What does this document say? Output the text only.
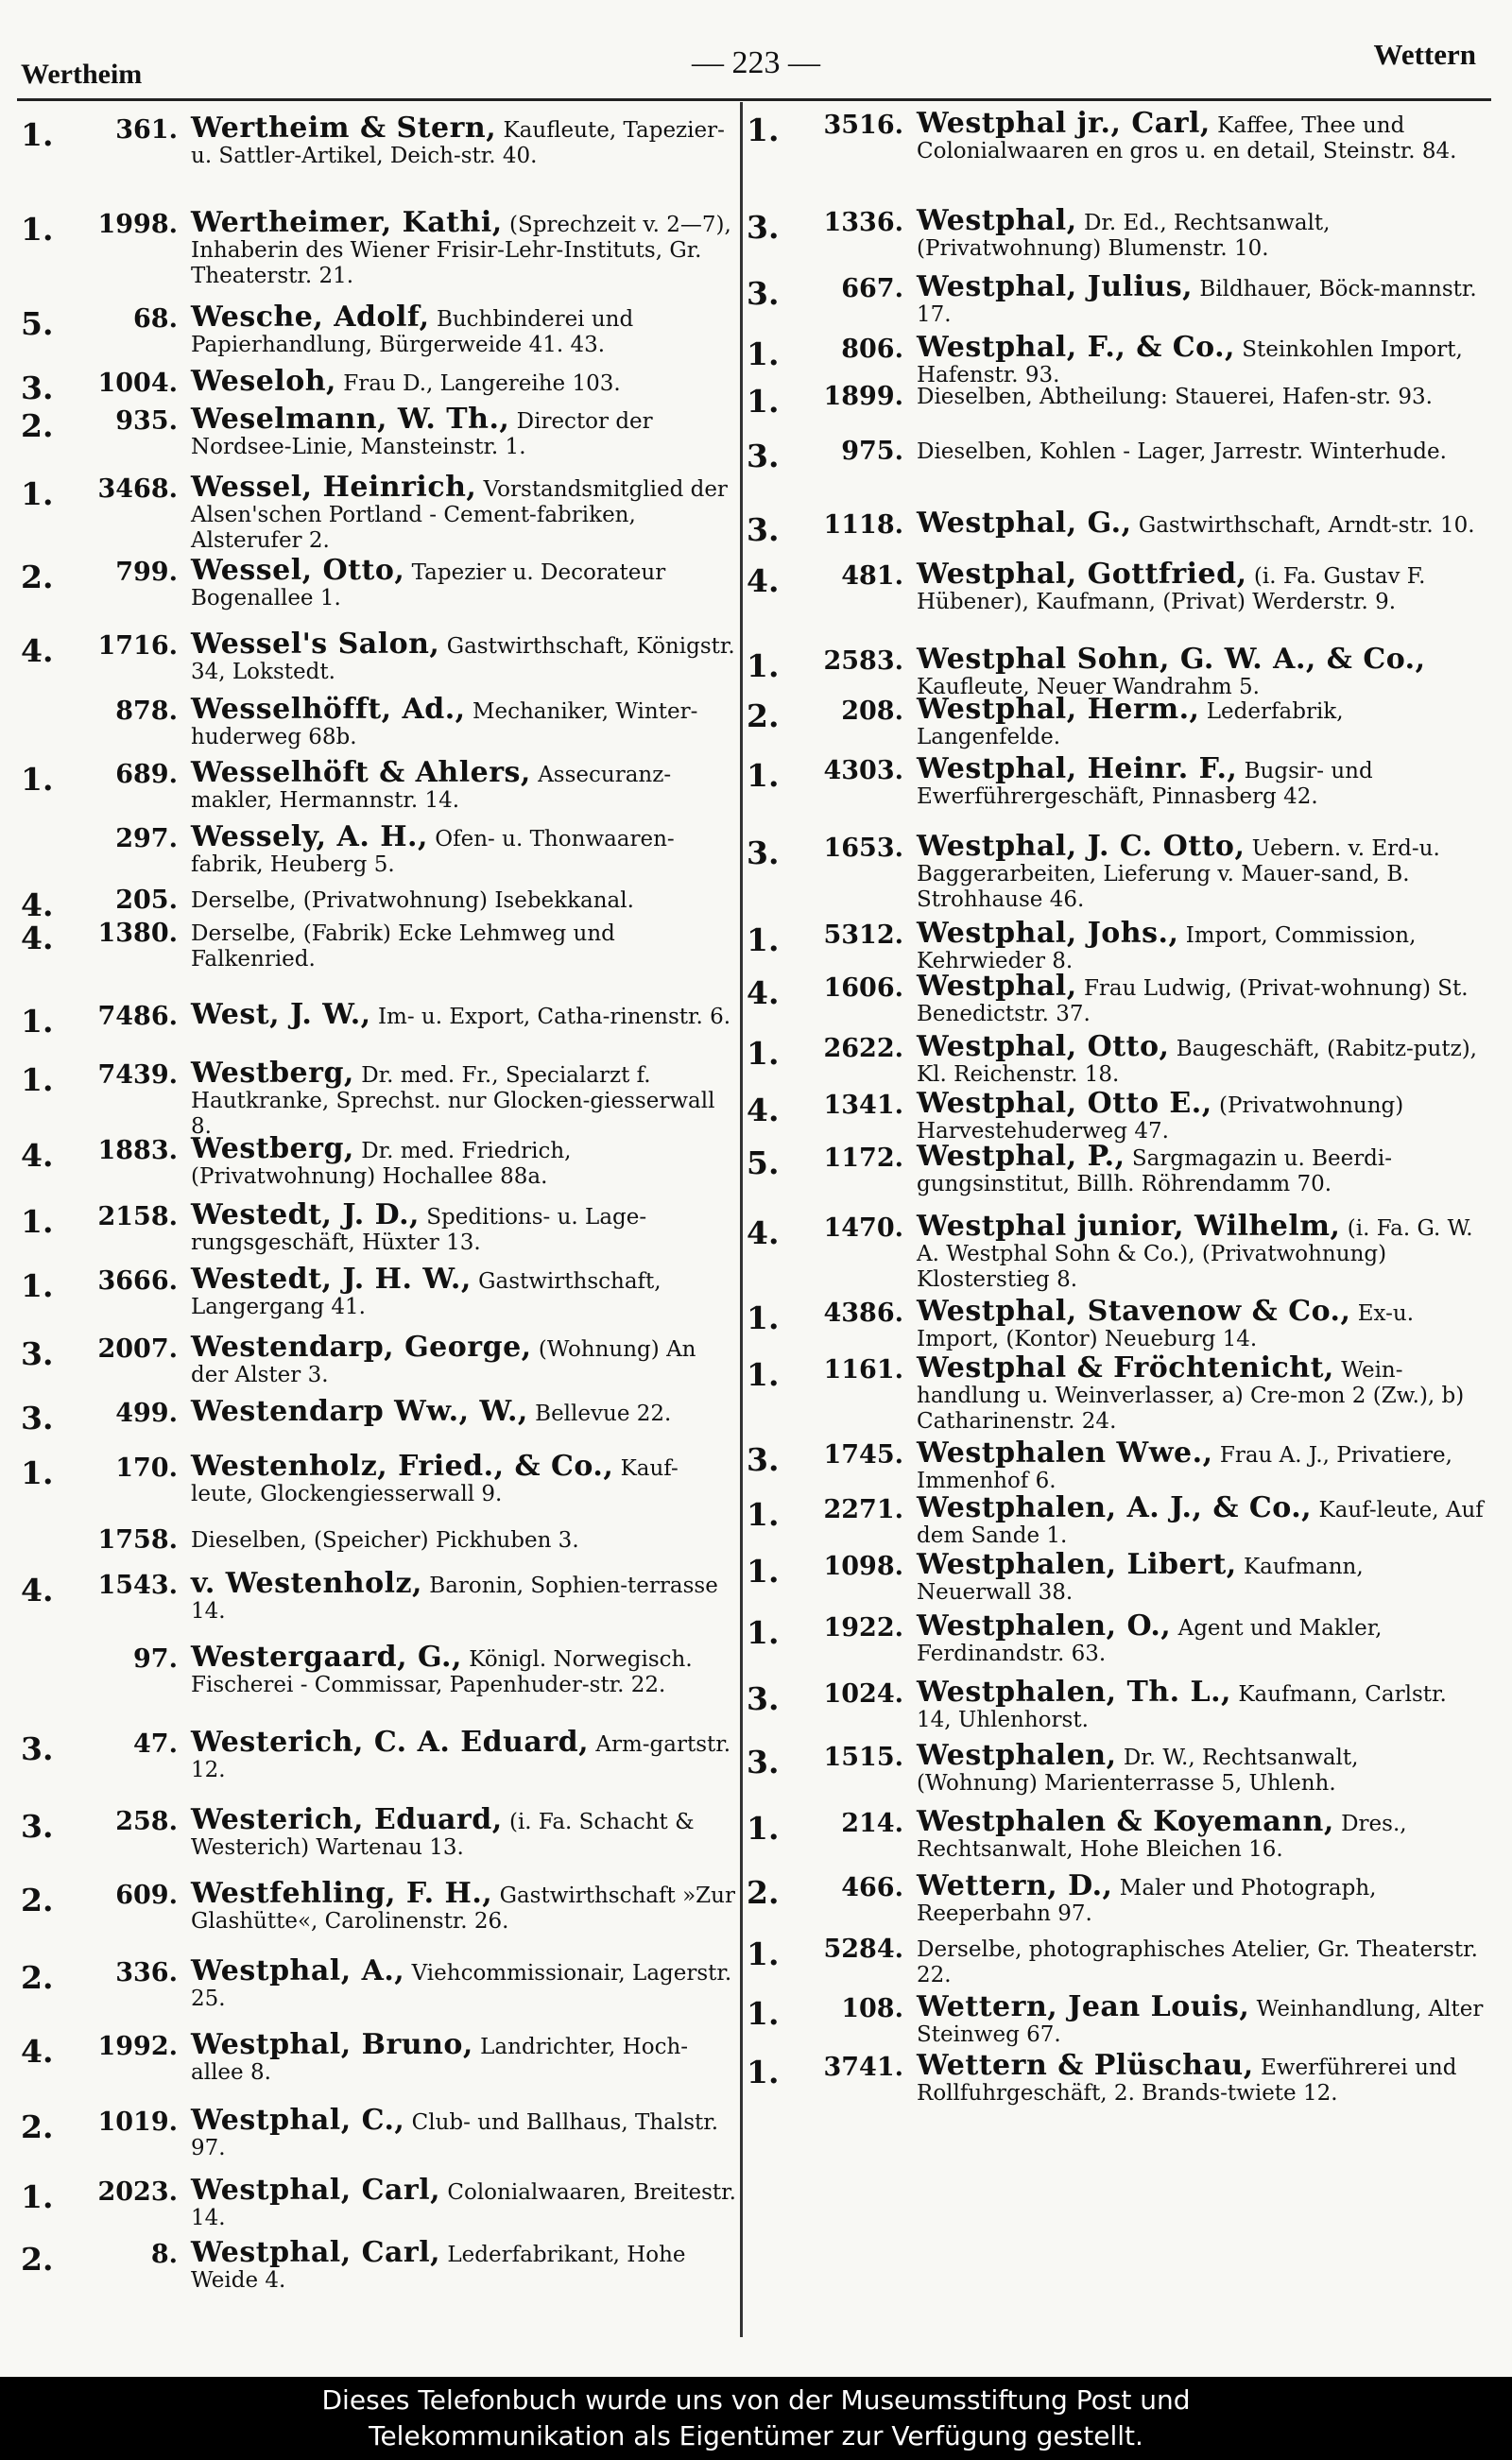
Wertheim	— 223 —	Wettern
1.	361. Wertheim & Stern, Kaufleute, Tapezier- u. Sattler-Artikel, Deich-str. 40.
1.	1998. Wertheimer, Kathi, (Sprechzeit v. 2—7), Inhaberin des Wiener Frisir-Lehr-Instituts, Gr. Theaterstr. 21.
5.	68. Wesche, Adolf, Buchbinderei und Papierhandlung, Bürgerweide 41. 43.
3.	1004. Weseloh, Frau D., Langereihe 103.
2.	935. Weselmann, W. Th., Director der Nordsee-Linie, Mansteinstr. 1.
1.	3468. Wessel, Heinrich, Vorstandsmitglied der Alsen'schen Portland - Cement-fabriken, Alsterufer 2.
2.	799. Wessel, Otto, Tapezier u. Decorateur Bogenallee 1.
4.	1716. Wessel's Salon, Gastwirthschaft, Königstr. 34, Lokstedt.
878. Wesselhöfft, Ad., Mechaniker, Winter-huderweg 68b.
1.	689. Wesselhöft & Ahlers, Assecuranz-makler, Hermannstr. 14.
297. Wessely, A. H., Ofen- u. Thonwaaren-fabrik, Heuberg 5.
4.	205. Derselbe, (Privatwohnung) Isebekkanal.
4.	1380. Derselbe, (Fabrik) Ecke Lehmweg und Falkenried.
1.	7486. West, J. W., Im- u. Export, Catha-rinenstr. 6.
1.	7439. Westberg, Dr. med. Fr., Specialarzt f. Hautkranke, Sprechst. nur Glocken-giesserwall 8.
4.	1883. Westberg, Dr. med. Friedrich, (Privatwohnung) Hochallee 88a.
1.	2158. Westedt, J. D., Speditions- u. Lage-rungsgeschäft, Hüxter 13.
1.	3666. Westedt, J. H. W., Gastwirthschaft, Langergang 41.
3.	2007. Westendarp, George, (Wohnung) An der Alster 3.
3.	499. Westendarp Ww., W., Bellevue 22.
1.	170. Westenholz, Fried., & Co., Kauf-leute, Glockengiesserwall 9.
1758. Dieselben, (Speicher) Pickhuben 3.
4.	1543. v. Westenholz, Baronin, Sophien-terrasse 14.
97. Westergaard, G., Königl. Norwegisch. Fischerei - Commissar, Papenhuder-str. 22.
3.	47. Westerich, C. A. Eduard, Arm-gartstr. 12.
3.	258. Westerich, Eduard, (i. Fa. Schacht & Westerich) Wartenau 13.
2.	609. Westfehling, F. H., Gastwirthschaft »Zur Glashütte«, Carolinenstr. 26.
2.	336. Westphal, A., Viehcommissionair, Lagerstr. 25.
4.	1992. Westphal, Bruno, Landrichter, Hoch-allee 8.
2.	1019. Westphal, C., Club- und Ballhaus, Thalstr. 97.
1.	2023. Westphal, Carl, Colonialwaaren, Breitestr. 14.
2.	8. Westphal, Carl, Lederfabrikant, Hohe Weide 4.
1.	3516. Westphal jr., Carl, Kaffee, Thee und Colonialwaaren en gros u. en detail, Steinstr. 84.
3.	1336. Westphal, Dr. Ed., Rechtsanwalt, (Privatwohnung) Blumenstr. 10.
3.	667. Westphal, Julius, Bildhauer, Böck-mannstr. 17.
1.	806. Westphal, F., & Co., Steinkohlen Import, Hafenstr. 93.
1.	1899. Dieselben, Abtheilung: Stauerei, Hafen-str. 93.
3.	975. Dieselben, Kohlen - Lager, Jarrestr. Winterhude.
3.	1118. Westphal, G., Gastwirthschaft, Arndt-str. 10.
4.	481. Westphal, Gottfried, (i. Fa. Gustav F. Hübener), Kaufmann, (Privat) Werderstr. 9.
1.	2583. Westphal Sohn, G. W. A., & Co., Kaufleute, Neuer Wandrahm 5.
2.	208. Westphal, Herm., Lederfabrik, Langenfelde.
1.	4303. Westphal, Heinr. F., Bugsir- und Ewerführergeschäft, Pinnasberg 42.
3.	1653. Westphal, J. C. Otto, Uebern. v. Erd-u. Baggerarbeiten, Lieferung v. Mauer-sand, B. Strohhause 46.
1.	5312. Westphal, Johs., Import, Commission, Kehrwieder 8.
4.	1606. Westphal, Frau Ludwig, (Privat-wohnung) St. Benedictstr. 37.
1.	2622. Westphal, Otto, Baugeschäft, (Rabitz-putz), Kl. Reichenstr. 18.
4.	1341. Westphal, Otto E., (Privatwohnung) Harvestehuderweg 47.
5.	1172. Westphal, P., Sargmagazin u. Beerdi-gungsinstitut, Billh. Röhrendamm 70.
4.	1470. Westphal junior, Wilhelm, (i. Fa. G. W. A. Westphal Sohn & Co.), (Privatwohnung) Klosterstieg 8.
1.	4386. Westphal, Stavenow & Co., Ex-u. Import, (Kontor) Neueburg 14.
1.	1161. Westphal & Fröchtenicht, Wein-handlung u. Weinverlasser, a) Cre-mon 2 (Zw.), b) Catharinenstr. 24.
3.	1745. Westphalen Wwe., Frau A. J., Privatiere, Immenhof 6.
1.	2271. Westphalen, A. J., & Co., Kauf-leute, Auf dem Sande 1.
1.	1098. Westphalen, Libert, Kaufmann, Neuerwall 38.
1.	1922. Westphalen, O., Agent und Makler, Ferdinandstr. 63.
3.	1024. Westphalen, Th. L., Kaufmann, Carlstr. 14, Uhlenhorst.
3.	1515. Westphalen, Dr. W., Rechtsanwalt, (Wohnung) Marienterrasse 5, Uhlenh.
1.	214. Westphalen & Koyemann, Dres., Rechtsanwalt, Hohe Bleichen 16.
2.	466. Wettern, D., Maler und Photograph, Reeperbahn 97.
1.	5284. Derselbe, photographisches Atelier, Gr. Theaterstr. 22.
1.	108. Wettern, Jean Louis, Weinhandlung, Alter Steinweg 67.
1.	3741. Wettern & Plüschau, Ewerführerei und Rollfuhrgeschäft, 2. Brands-twiete 12.
Dieses Telefonbuch wurde uns von der Museumsstiftung Post und
Telekommunikation als Eigentümer zur Verfügung gestellt.
